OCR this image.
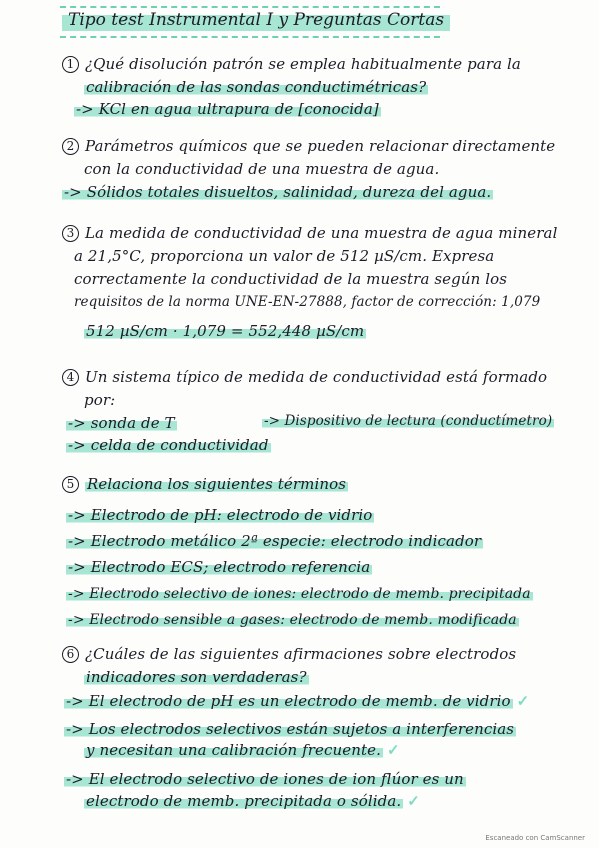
Tipo test Instrumental I y Preguntas Cortas
1 ¿Qué disolución patrón se emplea habitualmente para la
calibración de las sondas conductimétricas?
-> KCl en agua ultrapura de [conocida]
2 Parámetros químicos que se pueden relacionar directamente
con la conductividad de una muestra de agua.
-> Sólidos totales disueltos, salinidad, dureza del agua.
3 La medida de conductividad de una muestra de agua mineral
a 21,5°C, proporciona un valor de 512 µS/cm. Expresa
correctamente la conductividad de la muestra según los
requisitos de la norma UNE-EN-27888, factor de corrección: 1,079
512 µS/cm · 1,079 = 552,448 µS/cm
4 Un sistema típico de medida de conductividad está formado
por:
-> sonda de T	-> Dispositivo de lectura (conductímetro)
-> celda de conductividad
5 Relaciona los siguientes términos
-> Electrodo de pH: electrodo de vidrio
-> Electrodo metálico 2ª especie: electrodo indicador
-> Electrodo ECS; electrodo referencia
-> Electrodo selectivo de iones: electrodo de memb. precipitada
-> Electrodo sensible a gases: electrodo de memb. modificada
6 ¿Cuáles de las siguientes afirmaciones sobre electrodos
indicadores son verdaderas?
-> El electrodo de pH es un electrodo de memb. de vidrio ✓
-> Los electrodos selectivos están sujetos a interferencias
y necesitan una calibración frecuente. ✓
-> El electrodo selectivo de iones de ion flúor es un
electrodo de memb. precipitada o sólida. ✓
Escaneado con CamScanner
